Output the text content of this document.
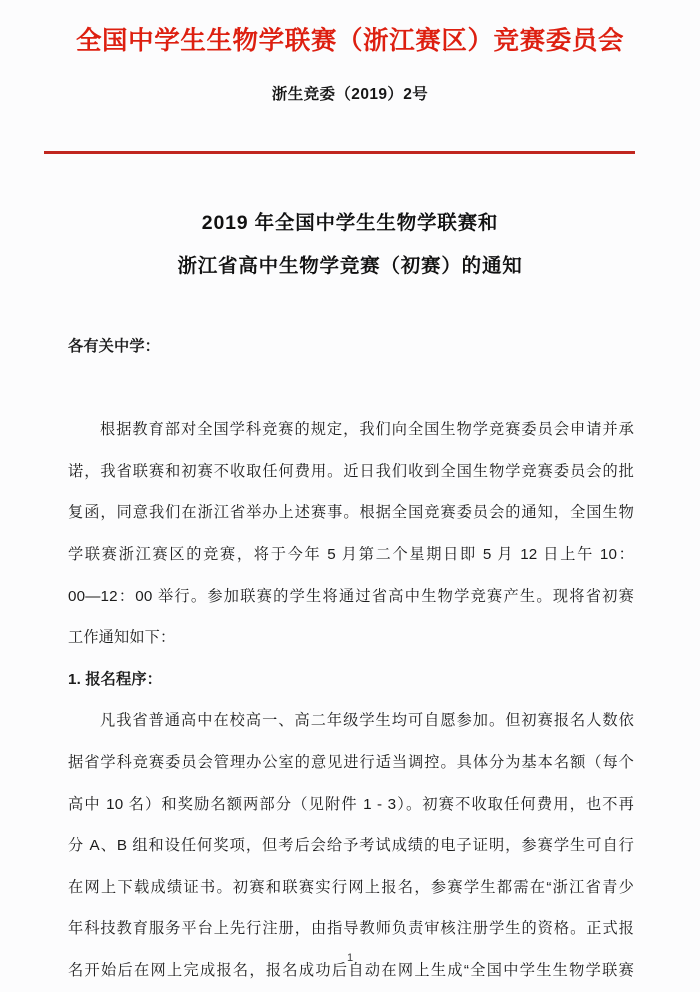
全国中学生生物学联赛（浙江赛区）竞赛委员会
浙生竞委（2019）2号
2019 年全国中学生生物学联赛和
浙江省高中生物学竞赛（初赛）的通知
各有关中学：
根据教育部对全国学科竞赛的规定，我们向全国生物学竞赛委员会申请并承
诺，我省联赛和初赛不收取任何费用。近日我们收到全国生物学竞赛委员会的批
复函，同意我们在浙江省举办上述赛事。根据全国竞赛委员会的通知，全国生物
学联赛浙江赛区的竞赛，将于今年 5 月第二个星期日即 5 月 12 日上午 10：
00—12：00 举行。参加联赛的学生将通过省高中生物学竞赛产生。现将省初赛
工作通知如下：
1. 报名程序：
凡我省普通高中在校高一、高二年级学生均可自愿参加。但初赛报名人数依
据省学科竞赛委员会管理办公室的意见进行适当调控。具体分为基本名额（每个
高中 10 名）和奖励名额两部分（见附件 1 - 3）。初赛不收取任何费用，也不再
分 A、B 组和设任何奖项，但考后会给予考试成绩的电子证明，参赛学生可自行
在网上下载成绩证书。初赛和联赛实行网上报名，参赛学生都需在“浙江省青少
年科技教育服务平台上先行注册，由指导教师负责审核注册学生的资格。正式报
名开始后在网上完成报名，报名成功后自动在网上生成“全国中学生生物学联赛
1
